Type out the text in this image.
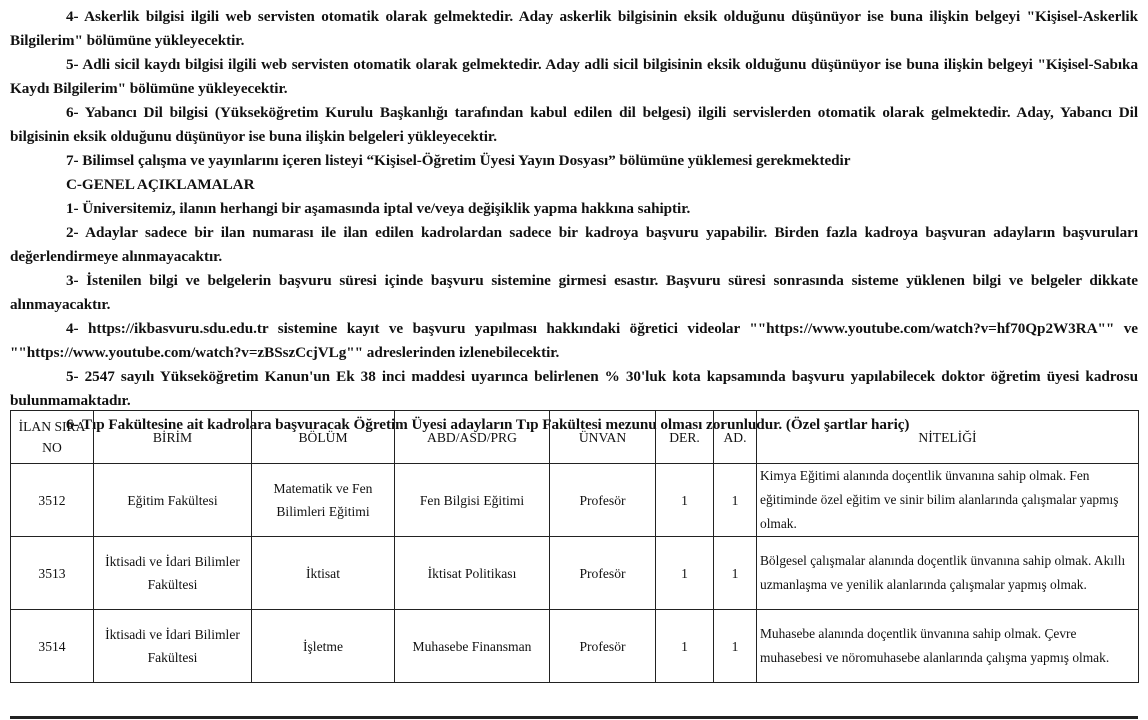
4- Askerlik bilgisi ilgili web servisten otomatik olarak gelmektedir. Aday askerlik bilgisinin eksik olduğunu düşünüyor ise buna ilişkin belgeyi "Kişisel-Askerlik Bilgilerim" bölümüne yükleyecektir.

5- Adli sicil kaydı bilgisi ilgili web servisten otomatik olarak gelmektedir. Aday adli sicil bilgisinin eksik olduğunu düşünüyor ise buna ilişkin belgeyi "Kişisel-Sabıka Kaydı Bilgilerim" bölümüne yükleyecektir.

6- Yabancı Dil bilgisi (Yükseköğretim Kurulu Başkanlığı tarafından kabul edilen dil belgesi) ilgili servislerden otomatik olarak gelmektedir. Aday, Yabancı Dil bilgisinin eksik olduğunu düşünüyor ise buna ilişkin belgeleri yükleyecektir.

7- Bilimsel çalışma ve yayınlarını içeren listeyi “Kişisel-Öğretim Üyesi Yayın Dosyası” bölümüne yüklemesi gerekmektedir

C-GENEL AÇIKLAMALAR

1- Üniversitemiz, ilanın herhangi bir aşamasında iptal ve/veya değişiklik yapma hakkına sahiptir.

2- Adaylar sadece bir ilan numarası ile ilan edilen kadrolardan sadece bir kadroya başvuru yapabilir. Birden fazla kadroya başvuran adayların başvuruları değerlendirmeye alınmayacaktır.

3- İstenilen bilgi ve belgelerin başvuru süresi içinde başvuru sistemine girmesi esastır. Başvuru süresi sonrasında sisteme yüklenen bilgi ve belgeler dikkate alınmayacaktır.

4- https://ikbasvuru.sdu.edu.tr sistemine kayıt ve başvuru yapılması hakkındaki öğretici videolar ""https://www.youtube.com/watch?v=hf70Qp2W3RA"" ve ""https://www.youtube.com/watch?v=zBSszCcjVLg"" adreslerinden izlenebilecektir.

5- 2547 sayılı Yükseköğretim Kanun'un Ek 38 inci maddesi uyarınca belirlenen % 30'luk kota kapsamında başvuru yapılabilecek doktor öğretim üyesi kadrosu bulunmamaktadır.

6- Tıp Fakültesine ait kadrolara başvuracak Öğretim Üyesi adayların Tıp Fakültesi mezunu olması zorunludur. (Özel şartlar hariç)

İLAN SIRA NO	BİRİM	BÖLÜM	ABD/ASD/PRG	ÜNVAN	DER.	AD.	NİTELİĞİ
3512	Eğitim Fakültesi	Matematik ve Fen Bilimleri Eğitimi	Fen Bilgisi Eğitimi	Profesör	1	1	Kimya Eğitimi alanında doçentlik ünvanına sahip olmak. Fen eğitiminde özel eğitim ve sinir bilim alanlarında çalışmalar yapmış olmak.
3513	İktisadi ve İdari Bilimler Fakültesi	İktisat	İktisat Politikası	Profesör	1	1	Bölgesel çalışmalar alanında doçentlik ünvanına sahip olmak. Akıllı uzmanlaşma ve yenilik alanlarında çalışmalar yapmış olmak.
3514	İktisadi ve İdari Bilimler Fakültesi	İşletme	Muhasebe Finansman	Profesör	1	1	Muhasebe alanında doçentlik ünvanına sahip olmak. Çevre muhasebesi ve nöromuhasebe alanlarında çalışma yapmış olmak.
